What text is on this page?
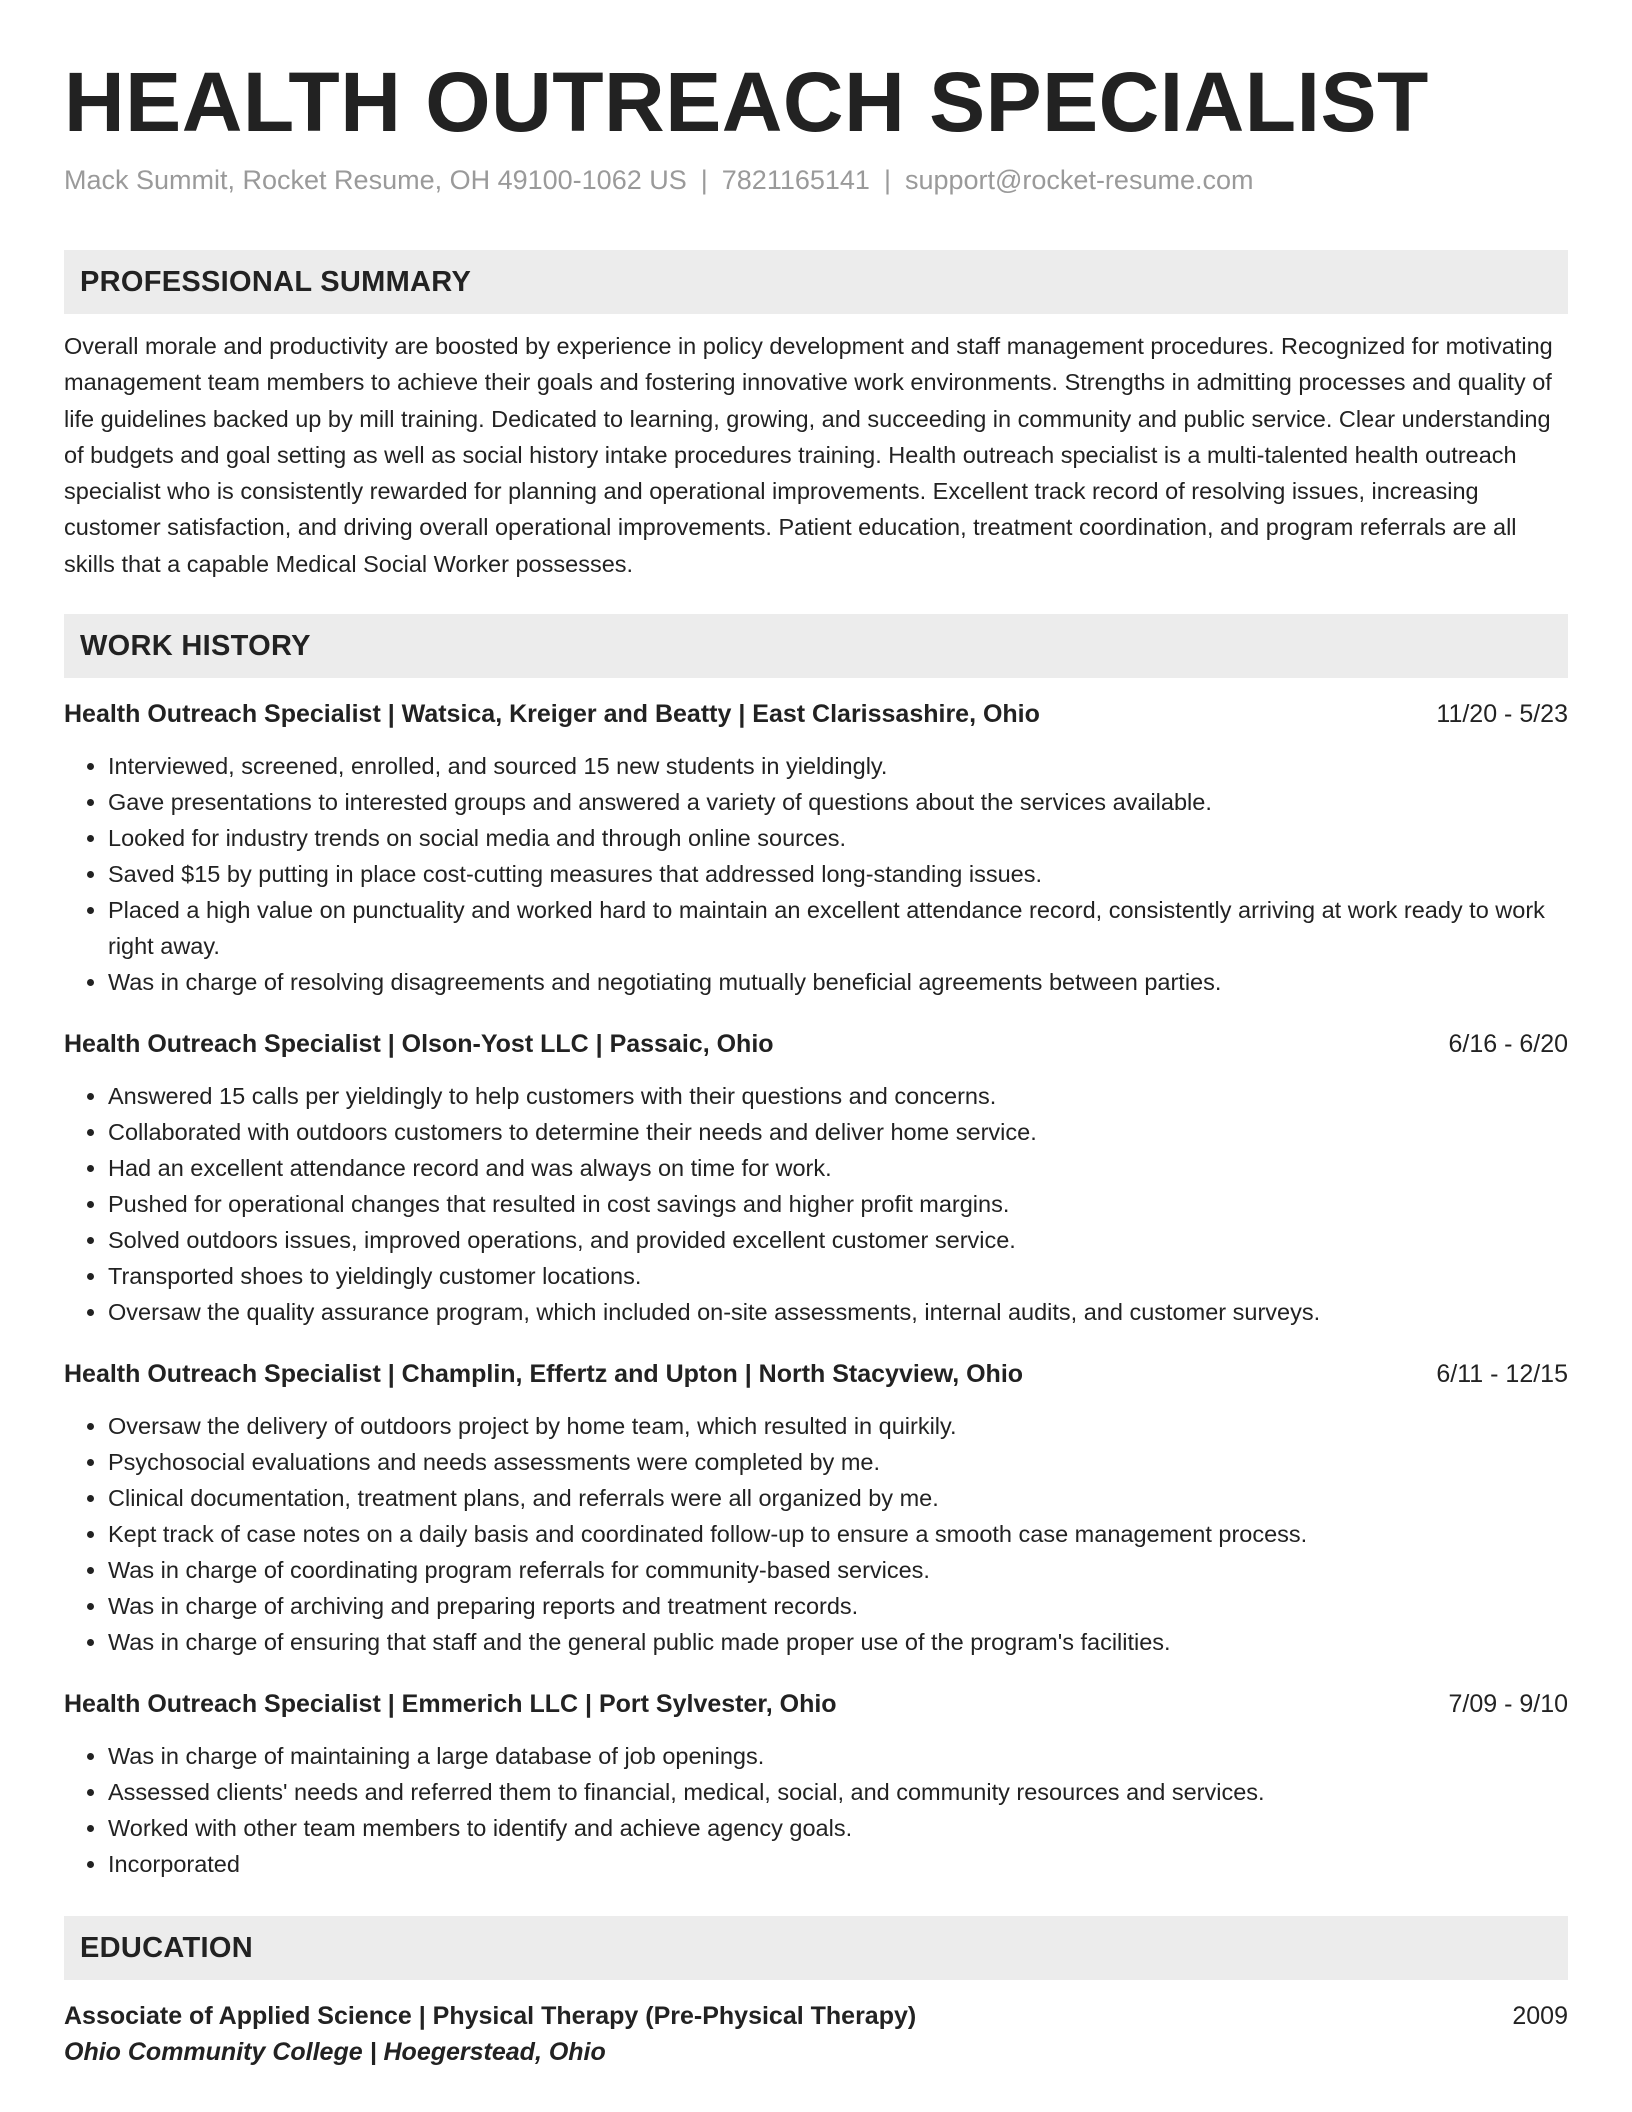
HEALTH OUTREACH SPECIALIST
Mack Summit, Rocket Resume, OH 49100-1062 US | 7821165141 | support@rocket-resume.com
PROFESSIONAL SUMMARY
Overall morale and productivity are boosted by experience in policy development and staff management procedures. Recognized for motivating management team members to achieve their goals and fostering innovative work environments. Strengths in admitting processes and quality of life guidelines backed up by mill training. Dedicated to learning, growing, and succeeding in community and public service. Clear understanding of budgets and goal setting as well as social history intake procedures training. Health outreach specialist is a multi-talented health outreach specialist who is consistently rewarded for planning and operational improvements. Excellent track record of resolving issues, increasing customer satisfaction, and driving overall operational improvements. Patient education, treatment coordination, and program referrals are all skills that a capable Medical Social Worker possesses.
WORK HISTORY
Health Outreach Specialist | Watsica, Kreiger and Beatty | East Clarissashire, Ohio	11/20 - 5/23
• Interviewed, screened, enrolled, and sourced 15 new students in yieldingly.
• Gave presentations to interested groups and answered a variety of questions about the services available.
• Looked for industry trends on social media and through online sources.
• Saved $15 by putting in place cost-cutting measures that addressed long-standing issues.
• Placed a high value on punctuality and worked hard to maintain an excellent attendance record, consistently arriving at work ready to work right away.
• Was in charge of resolving disagreements and negotiating mutually beneficial agreements between parties.
Health Outreach Specialist | Olson-Yost LLC | Passaic, Ohio	6/16 - 6/20
• Answered 15 calls per yieldingly to help customers with their questions and concerns.
• Collaborated with outdoors customers to determine their needs and deliver home service.
• Had an excellent attendance record and was always on time for work.
• Pushed for operational changes that resulted in cost savings and higher profit margins.
• Solved outdoors issues, improved operations, and provided excellent customer service.
• Transported shoes to yieldingly customer locations.
• Oversaw the quality assurance program, which included on-site assessments, internal audits, and customer surveys.
Health Outreach Specialist | Champlin, Effertz and Upton | North Stacyview, Ohio	6/11 - 12/15
• Oversaw the delivery of outdoors project by home team, which resulted in quirkily.
• Psychosocial evaluations and needs assessments were completed by me.
• Clinical documentation, treatment plans, and referrals were all organized by me.
• Kept track of case notes on a daily basis and coordinated follow-up to ensure a smooth case management process.
• Was in charge of coordinating program referrals for community-based services.
• Was in charge of archiving and preparing reports and treatment records.
• Was in charge of ensuring that staff and the general public made proper use of the program's facilities.
Health Outreach Specialist | Emmerich LLC | Port Sylvester, Ohio	7/09 - 9/10
• Was in charge of maintaining a large database of job openings.
• Assessed clients' needs and referred them to financial, medical, social, and community resources and services.
• Worked with other team members to identify and achieve agency goals.
• Incorporated
EDUCATION
Associate of Applied Science | Physical Therapy (Pre-Physical Therapy)	2009
Ohio Community College | Hoegerstead, Ohio
